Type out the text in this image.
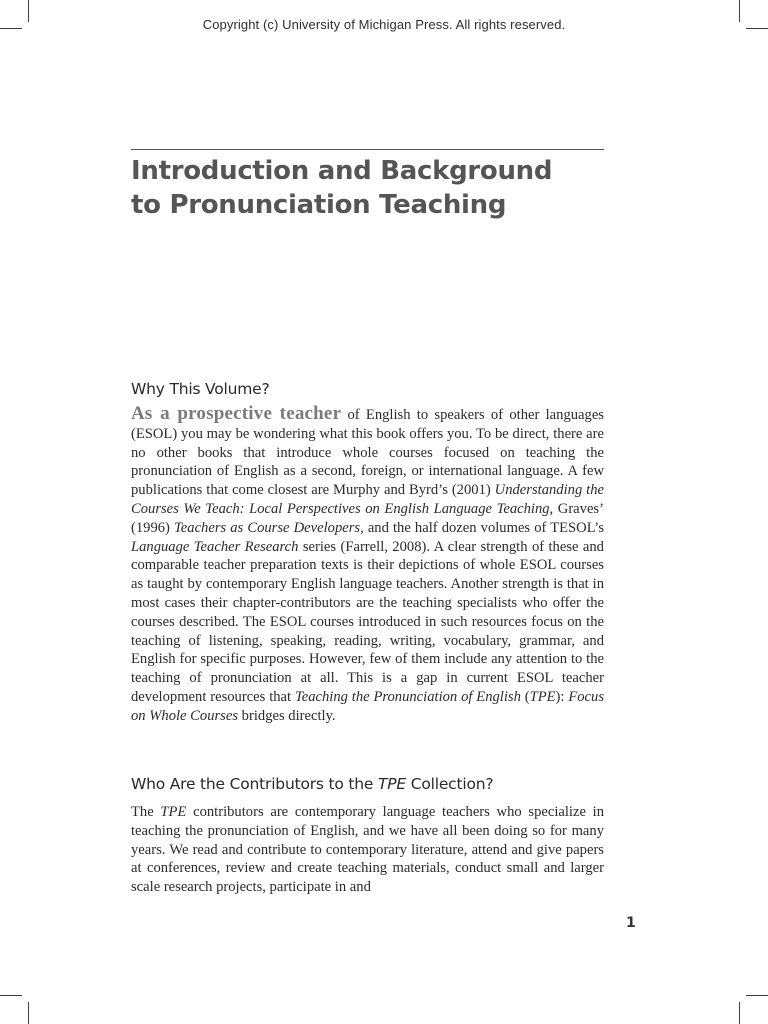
Copyright (c) University of Michigan Press. All rights reserved.
Introduction and Background
to Pronunciation Teaching
Why This Volume?

As a prospective teacher of English to speakers of other languages (ESOL) you may be wondering what this book offers you. To be direct, there are no other books that introduce whole courses focused on teaching the pronunciation of English as a second, foreign, or international language. A few publications that come closest are Murphy and Byrd’s (2001) Understanding the Courses We Teach: Local Perspectives on English Language Teaching, Graves’ (1996) Teachers as Course Developers, and the half dozen volumes of TESOL’s Language Teacher Research series (Farrell, 2008). A clear strength of these and comparable teacher preparation texts is their depictions of whole ESOL courses as taught by contemporary English language teachers. Another strength is that in most cases their chapter-contributors are the teaching specialists who offer the courses described. The ESOL courses introduced in such resources focus on the teaching of listening, speaking, reading, writing, vocabulary, grammar, and English for specific purposes. However, few of them include any attention to the teaching of pronunciation at all. This is a gap in current ESOL teacher development resources that Teaching the Pronunciation of English (TPE): Focus on Whole Courses bridges directly.

Who Are the Contributors to the TPE Collection?

The TPE contributors are contemporary language teachers who specialize in teaching the pronunciation of English, and we have all been doing so for many years. We read and contribute to contemporary literature, attend and give papers at conferences, review and create teaching materials, conduct small and larger scale research projects, participate in and

1
